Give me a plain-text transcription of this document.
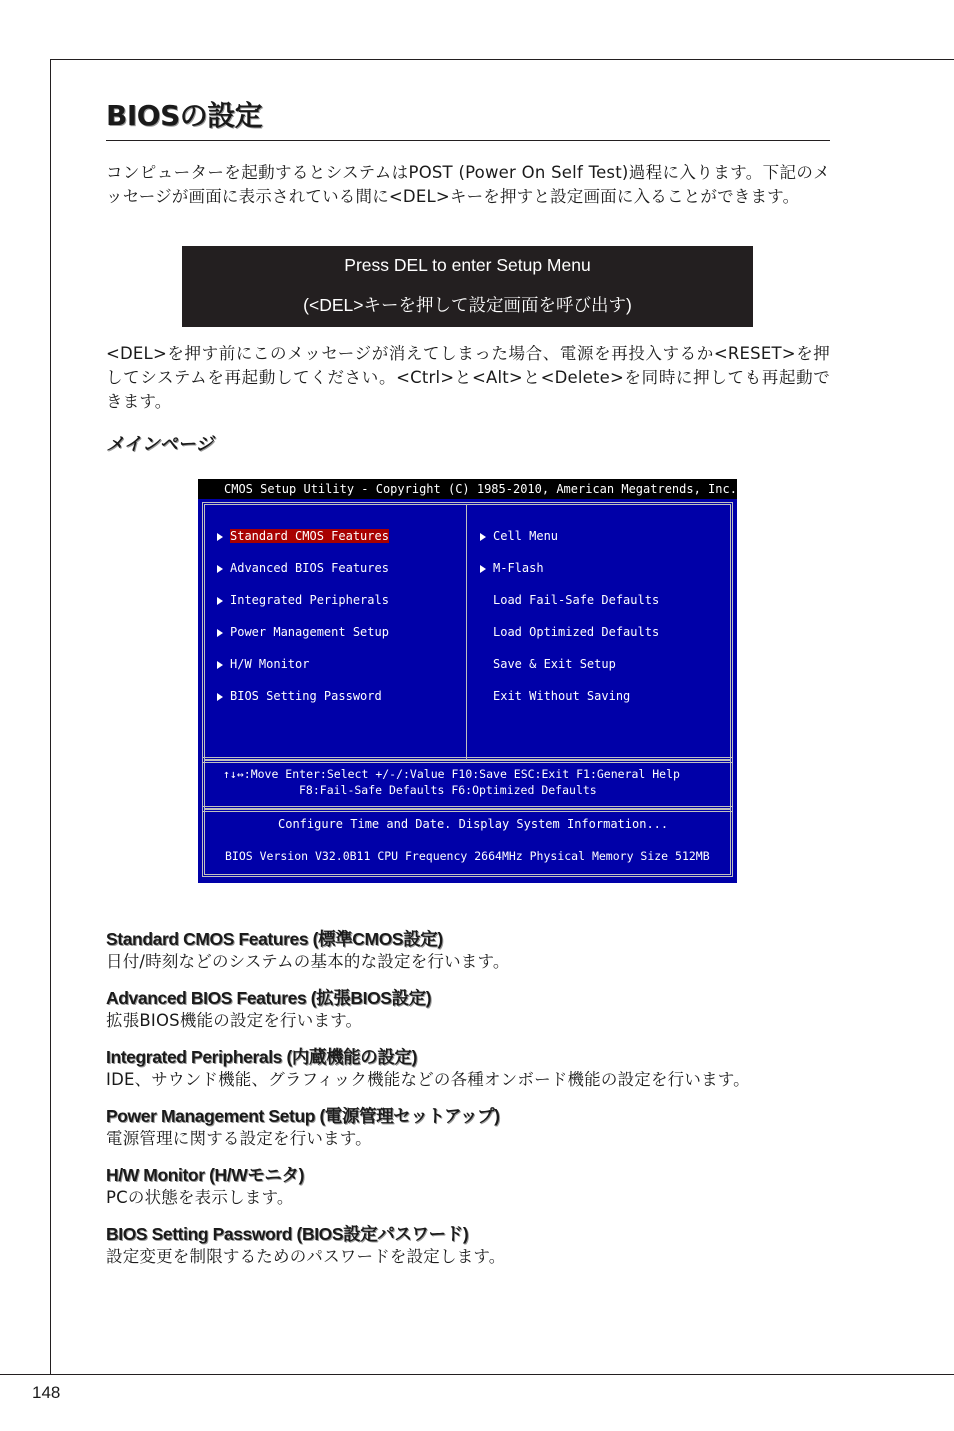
BIOSの設定

コンピューターを起動するとシステムはPOST (Power On Self Test)過程に入ります。下記のメッセージが画面に表示されている間に<DEL>キーを押すと設定画面に入ることができます。

Press DEL to enter Setup Menu
(<DEL>キーを押して設定画面を呼び出す)

<DEL>を押す前にこのメッセージが消えてしまった場合、電源を再投入するか<RESET>を押してシステムを再起動してください。<Ctrl>と<Alt>と<Delete>を同時に押しても再起動できます。

メインページ
CMOS Setup Utility - Copyright (C) 1985-2010, American Megatrends, Inc.
Standard CMOS Features
Advanced BIOS Features
Integrated Peripherals
Power Management Setup
H/W Monitor
BIOS Setting Password
Cell Menu
M-Flash
Load Fail-Safe Defaults
Load Optimized Defaults
Save & Exit Setup
Exit Without Saving
↑↓↔:Move Enter:Select +/-/:Value F10:Save ESC:Exit F1:General Help
F8:Fail-Safe Defaults F6:Optimized Defaults
Configure Time and Date. Display System Information...
BIOS Version V32.0B11 CPU Frequency 2664MHz Physical Memory Size 512MB
Standard CMOS Features (標準CMOS設定)
日付/時刻などのシステムの基本的な設定を行います。
Advanced BIOS Features (拡張BIOS設定)
拡張BIOS機能の設定を行います。
Integrated Peripherals (内蔵機能の設定)
IDE、サウンド機能、グラフィック機能などの各種オンボード機能の設定を行います。
Power Management Setup (電源管理セットアップ)
電源管理に関する設定を行います。
H/W Monitor (H/Wモニタ)
PCの状態を表示します。
BIOS Setting Password (BIOS設定パスワード)
設定変更を制限するためのパスワードを設定します。
148
